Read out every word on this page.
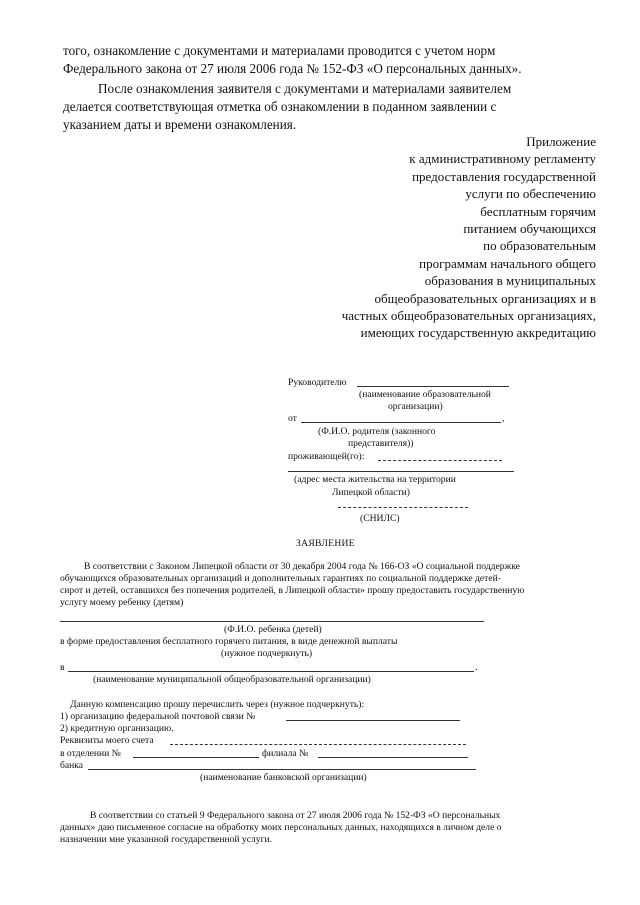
того, ознакомление с документами и материалами проводится с учетом норм
Федерального закона от 27 июля 2006 года № 152-ФЗ «О персональных данных».
После ознакомления заявителя с документами и материалами заявителем
делается соответствующая отметка об ознакомлении в поданном заявлении с
указанием даты и времени ознакомления.
Приложение
к административному регламенту
предоставления государственной
услуги по обеспечению
бесплатным горячим
питанием обучающихся
по образовательным
программам начального общего
образования в муниципальных
общеобразовательных организациях и в
частных общеобразовательных организациях,
имеющих государственную аккредитацию
Руководителю
(наименование образовательной
организации)
от	,
(Ф.И.О. родителя (законного
представителя))
проживающей(го):
(адрес места жительства на территории
Липецкой области)
(СНИЛС)
ЗАЯВЛЕНИЕ
В соответствии с Законом Липецкой области от 30 декабря 2004 года № 166-ОЗ «О социальной поддержке
обучающихся образовательных организаций и дополнительных гарантиях по социальной поддержке детей-
сирот и детей, оставшихся без попечения родителей, в Липецкой области» прошу предоставить государственную
услугу моему ребенку (детям)
(Ф.И.О. ребенка (детей)
в форме предоставления бесплатного горячего питания, в виде денежной выплаты
(нужное подчеркнуть)
в	.
(наименование муниципальной общеобразовательной организации)
Данную компенсацию прошу перечислить через (нужное подчеркнуть):
1) организацию федеральной почтовой связи №
2) кредитную организацию.
Реквизиты моего счета
в отделении №	филиала №
банка
(наименование банковской организации)
В соответствии со статьей 9 Федерального закона от 27 июля 2006 года № 152-ФЗ «О персональных
данных» даю письменное согласие на обработку моих персональных данных, находящихся в личном деле о
назначении мне указанной государственной услуги.
